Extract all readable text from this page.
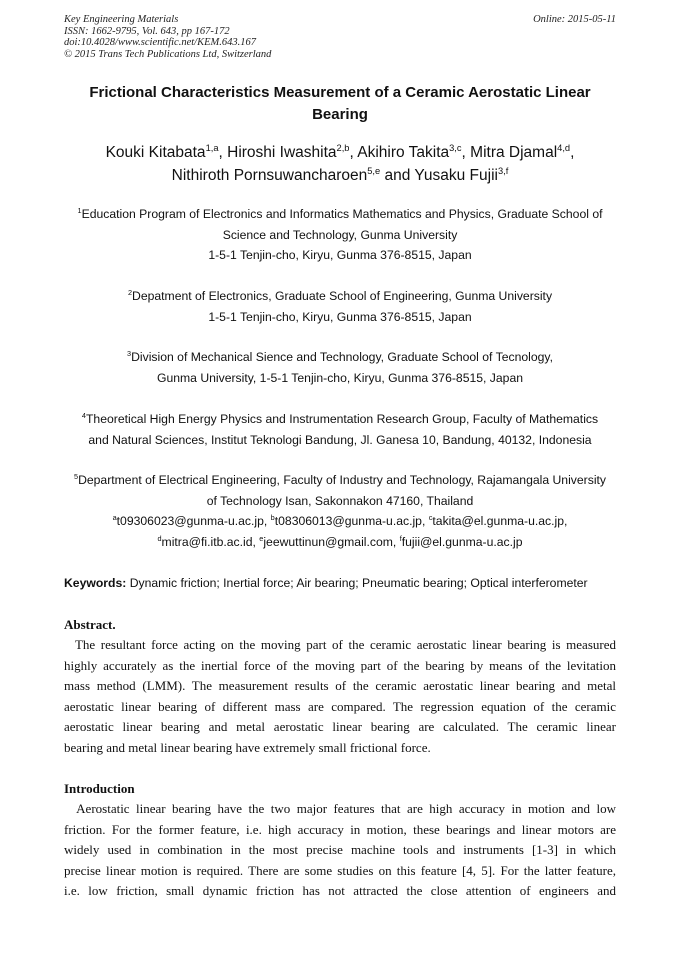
Key Engineering Materials
ISSN: 1662-9795, Vol. 643, pp 167-172
doi:10.4028/www.scientific.net/KEM.643.167
© 2015 Trans Tech Publications Ltd, Switzerland
Online: 2015-05-11
Frictional Characteristics Measurement of a Ceramic Aerostatic Linear
Bearing
Kouki Kitabata$^{1,a}$, Hiroshi Iwashita$^{2,b}$, Akihiro Takita$^{3,c}$, Mitra Djamal$^{4,d}$,
Nithiroth Pornsuwancharoen$^{5,e}$ and Yusaku Fujii$^{3,f}$
$^1$Education Program of Electronics and Informatics Mathematics and Physics, Graduate School of
Science and Technology, Gunma University
1-5-1 Tenjin-cho, Kiryu, Gunma 376-8515, Japan
$^2$Depatment of Electronics, Graduate School of Engineering, Gunma University
1-5-1 Tenjin-cho, Kiryu, Gunma 376-8515, Japan
$^3$Division of Mechanical Sience and Technology, Graduate School of Tecnology,
Gunma University, 1-5-1 Tenjin-cho, Kiryu, Gunma 376-8515, Japan
$^4$Theoretical High Energy Physics and Instrumentation Research Group, Faculty of Mathematics
and Natural Sciences, Institut Teknologi Bandung, Jl. Ganesa 10, Bandung, 40132, Indonesia
$^5$Department of Electrical Engineering, Faculty of Industry and Technology, Rajamangala University
of Technology Isan, Sakonnakon 47160, Thailand
$^a$t09306023@gunma-u.ac.jp, $^b$t08306013@gunma-u.ac.jp, $^c$takita@el.gunma-u.ac.jp,
$^d$mitra@fi.itb.ac.id, $^e$jeewuttinun@gmail.com, $^f$fujii@el.gunma-u.ac.jp
Keywords: Dynamic friction; Inertial force; Air bearing; Pneumatic bearing; Optical interferometer
Abstract.
The resultant force acting on the moving part of the ceramic aerostatic linear bearing is measured
highly accurately as the inertial force of the moving part of the bearing by means of the levitation
mass method (LMM). The measurement results of the ceramic aerostatic linear bearing and metal
aerostatic linear bearing of different mass are compared. The regression equation of the ceramic
aerostatic linear bearing and metal aerostatic linear bearing are calculated. The ceramic linear
bearing and metal linear bearing have extremely small frictional force.
Introduction
Aerostatic linear bearing have the two major features that are high accuracy in motion and low
friction. For the former feature, i.e. high accuracy in motion, these bearings and linear motors are
widely used in combination in the most precise machine tools and instruments [1-3] in which
precise linear motion is required. There are some studies on this feature [4, 5]. For the latter feature,
i.e. low friction, small dynamic friction has not attracted the close attention of engineers and
